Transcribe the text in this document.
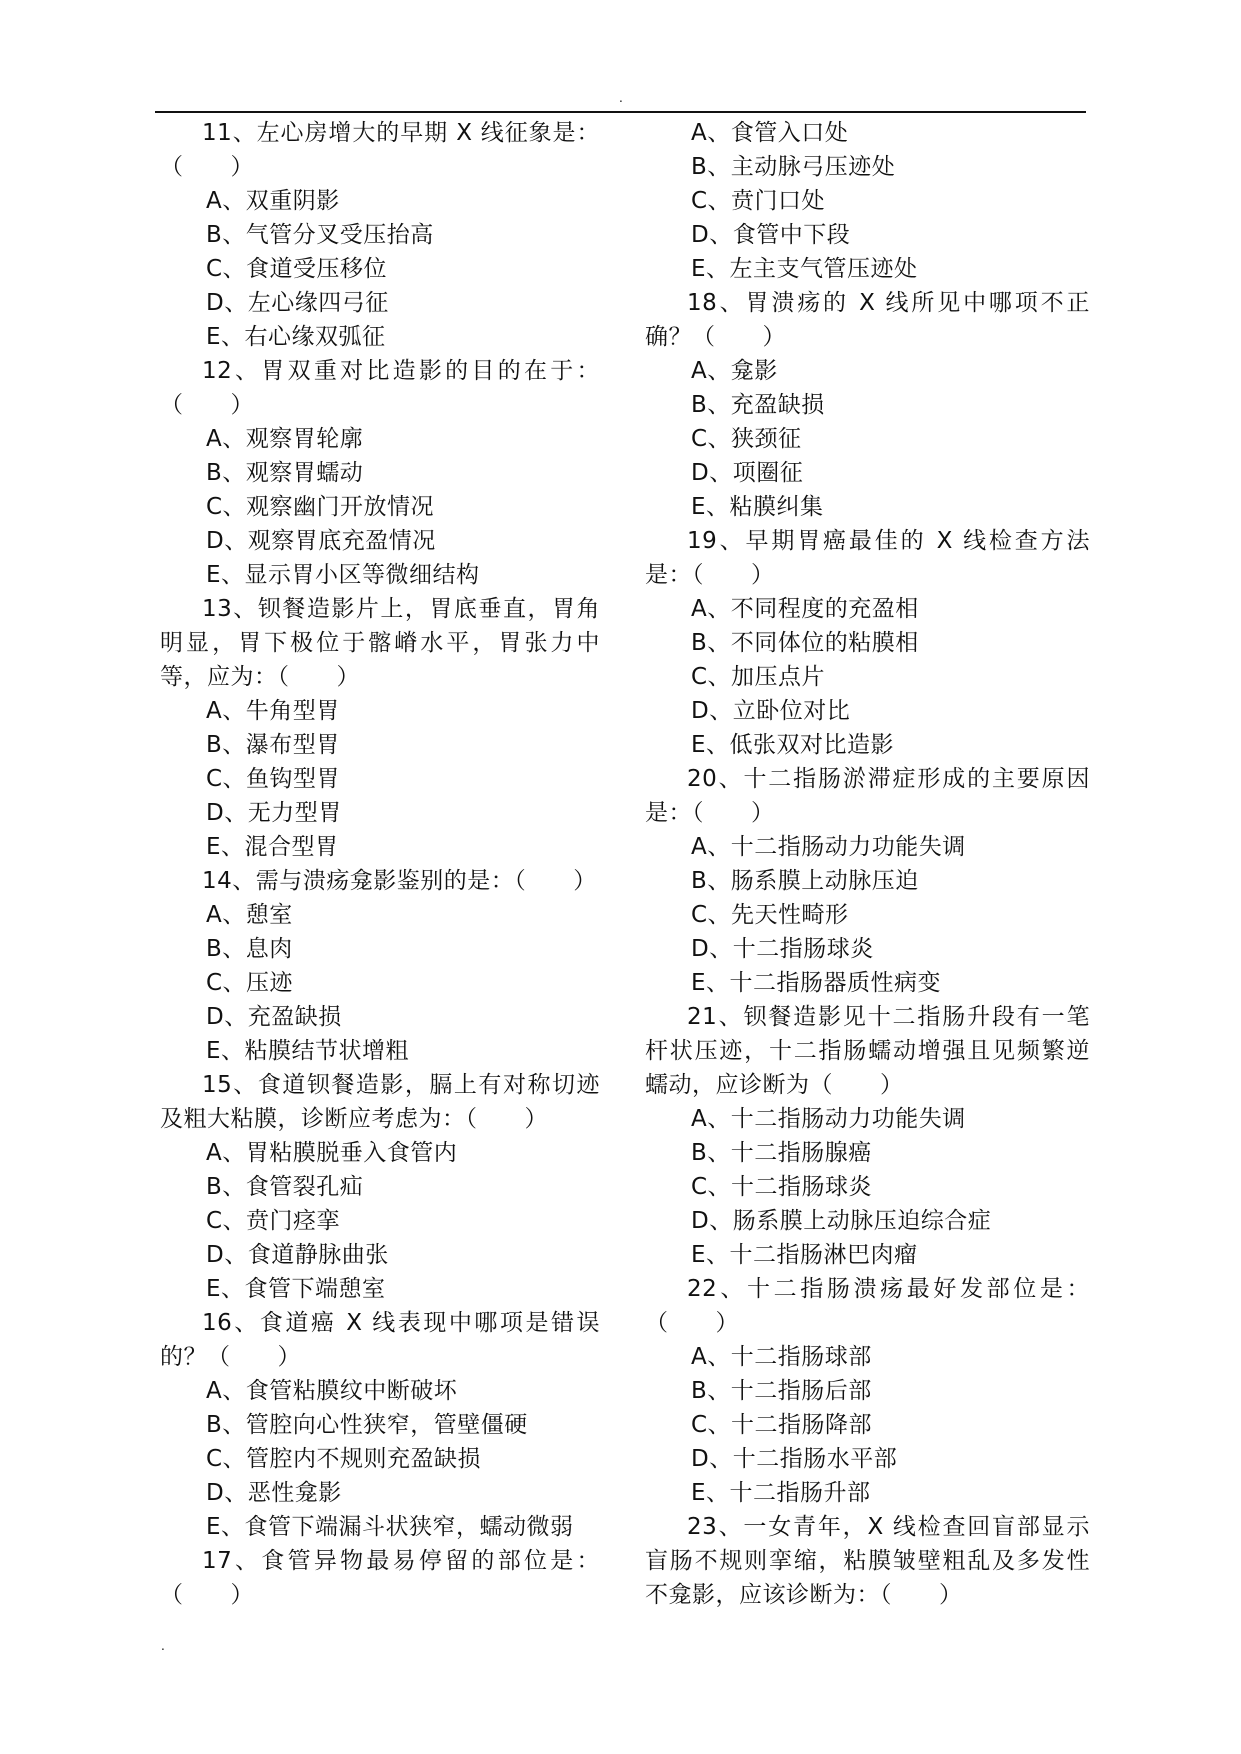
.
11、左心房增大的早期 X 线征象是：（　　）
A、双重阴影
B、气管分叉受压抬高
C、食道受压移位
D、左心缘四弓征
E、右心缘双弧征
12、胃双重对比造影的目的在于：（　　）
A、观察胃轮廓
B、观察胃蠕动
C、观察幽门开放情况
D、观察胃底充盈情况
E、显示胃小区等微细结构
13、钡餐造影片上，胃底垂直，胃角明显，胃下极位于髂嵴水平，胃张力中等，应为：（　　）
A、牛角型胃
B、瀑布型胃
C、鱼钩型胃
D、无力型胃
E、混合型胃
14、需与溃疡龛影鉴别的是：（　　）
A、憩室
B、息肉
C、压迹
D、充盈缺损
E、粘膜结节状增粗
15、食道钡餐造影，膈上有对称切迹及粗大粘膜，诊断应考虑为：（　　）
A、胃粘膜脱垂入食管内
B、食管裂孔疝
C、贲门痉挛
D、食道静脉曲张
E、食管下端憩室
16、食道癌 X 线表现中哪项是错误的？（　　）
A、食管粘膜纹中断破坏
B、管腔向心性狭窄，管壁僵硬
C、管腔内不规则充盈缺损
D、恶性龛影
E、食管下端漏斗状狭窄，蠕动微弱
17、食管异物最易停留的部位是：（　　）
A、食管入口处
B、主动脉弓压迹处
C、贲门口处
D、食管中下段
E、左主支气管压迹处
18、胃溃疡的 X 线所见中哪项不正确？（　　）
A、龛影
B、充盈缺损
C、狭颈征
D、项圈征
E、粘膜纠集
19、早期胃癌最佳的 X 线检查方法是：（　　）
A、不同程度的充盈相
B、不同体位的粘膜相
C、加压点片
D、立卧位对比
E、低张双对比造影
20、十二指肠淤滞症形成的主要原因是：（　　）
A、十二指肠动力功能失调
B、肠系膜上动脉压迫
C、先天性畸形
D、十二指肠球炎
E、十二指肠器质性病变
21、钡餐造影见十二指肠升段有一笔杆状压迹，十二指肠蠕动增强且见频繁逆蠕动，应诊断为（　　）
A、十二指肠动力功能失调
B、十二指肠腺癌
C、十二指肠球炎
D、肠系膜上动脉压迫综合症
E、十二指肠淋巴肉瘤
22、十二指肠溃疡最好发部位是：（　　）
A、十二指肠球部
B、十二指肠后部
C、十二指肠降部
D、十二指肠水平部
E、十二指肠升部
23、一女青年，X 线检查回盲部显示盲肠不规则挛缩，粘膜皱壁粗乱及多发性不龛影，应该诊断为：（　　）
.
